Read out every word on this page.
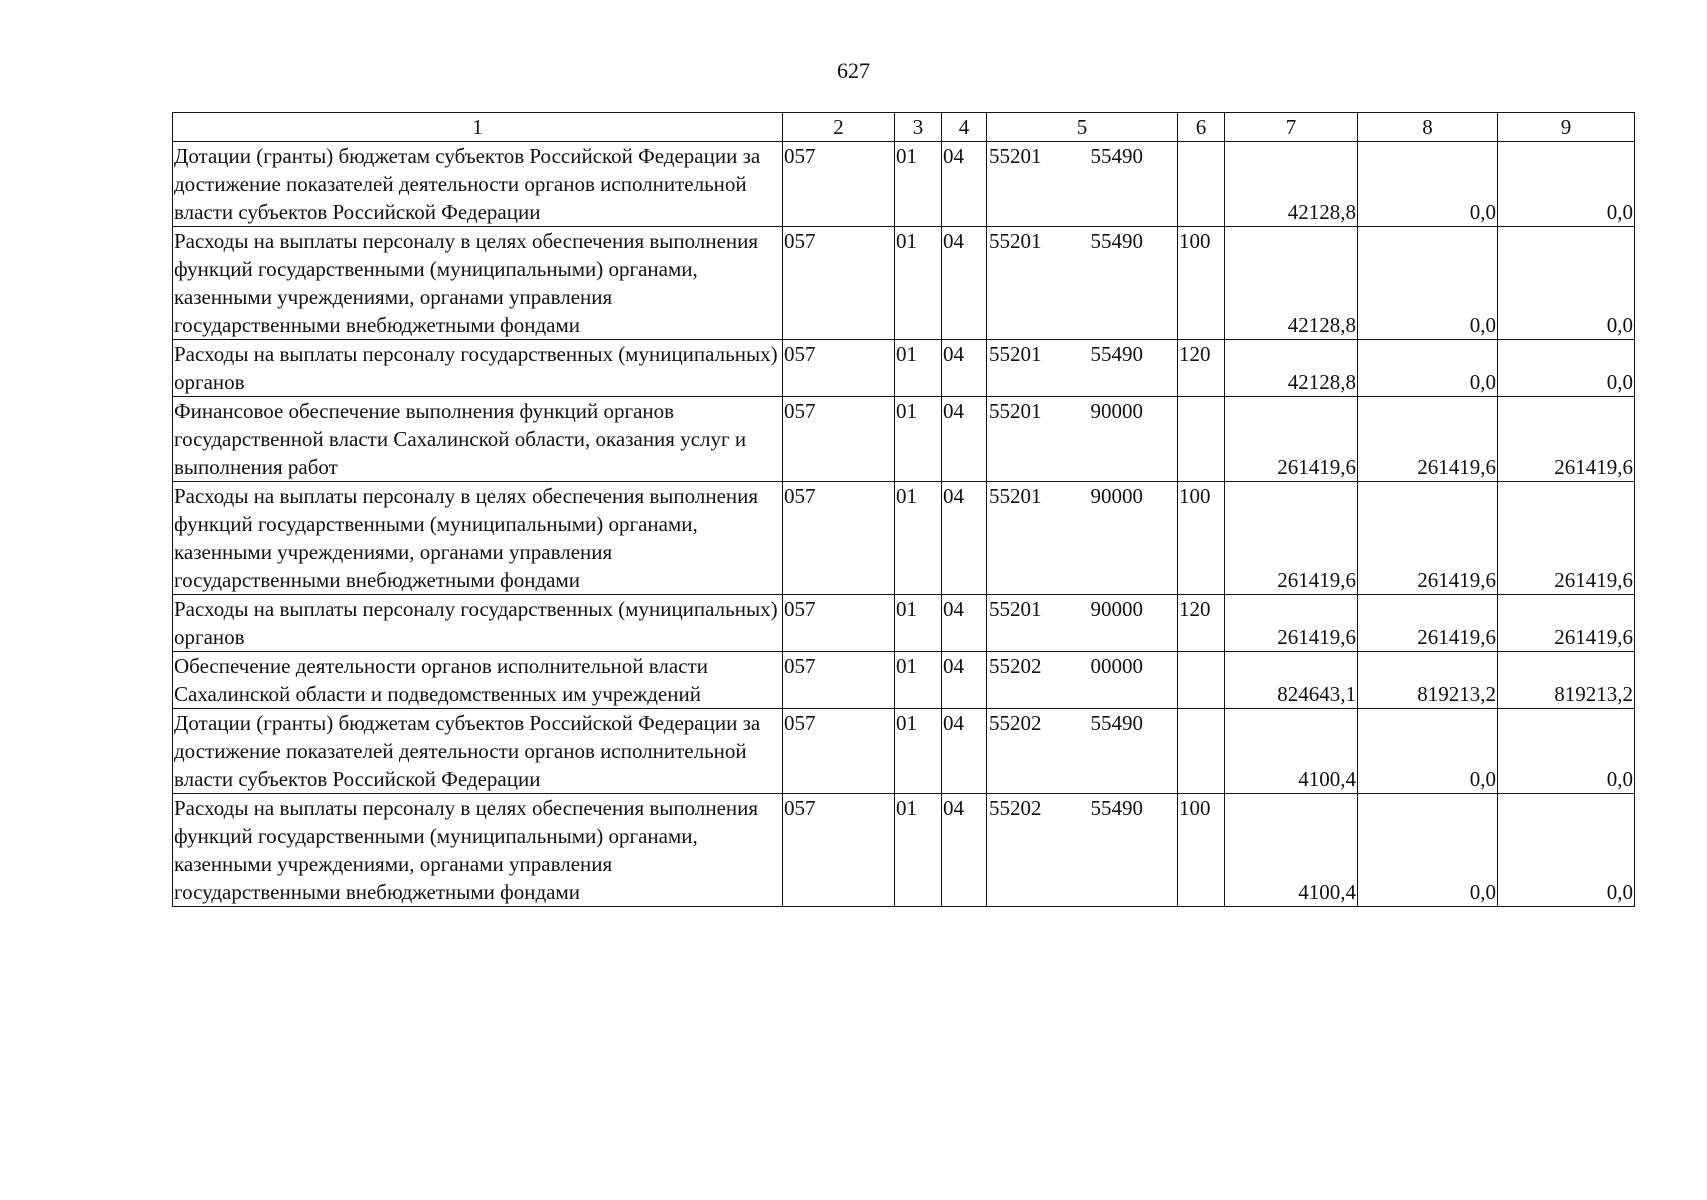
627
1	2	3	4	5	6	7	8	9
Дотации (гранты) бюджетам субъектов Российской Федерации за достижение показателей деятельности органов исполнительной власти субъектов Российской Федерации	057	01	04	55201 55490		42128,8	0,0	0,0
Расходы на выплаты персоналу в целях обеспечения выполнения функций государственными (муниципальными) органами, казенными учреждениями, органами управления государственными внебюджетными фондами	057	01	04	55201 55490	100	42128,8	0,0	0,0
Расходы на выплаты персоналу государственных (муниципальных) органов	057	01	04	55201 55490	120	42128,8	0,0	0,0
Финансовое обеспечение выполнения функций органов государственной власти Сахалинской области, оказания услуг и выполнения работ	057	01	04	55201 90000		261419,6	261419,6	261419,6
Расходы на выплаты персоналу в целях обеспечения выполнения функций государственными (муниципальными) органами, казенными учреждениями, органами управления государственными внебюджетными фондами	057	01	04	55201 90000	100	261419,6	261419,6	261419,6
Расходы на выплаты персоналу государственных (муниципальных) органов	057	01	04	55201 90000	120	261419,6	261419,6	261419,6
Обеспечение деятельности органов исполнительной власти Сахалинской области и подведомственных им учреждений	057	01	04	55202 00000		824643,1	819213,2	819213,2
Дотации (гранты) бюджетам субъектов Российской Федерации за достижение показателей деятельности органов исполнительной власти субъектов Российской Федерации	057	01	04	55202 55490		4100,4	0,0	0,0
Расходы на выплаты персоналу в целях обеспечения выполнения функций государственными (муниципальными) органами, казенными учреждениями, органами управления государственными внебюджетными фондами	057	01	04	55202 55490	100	4100,4	0,0	0,0
